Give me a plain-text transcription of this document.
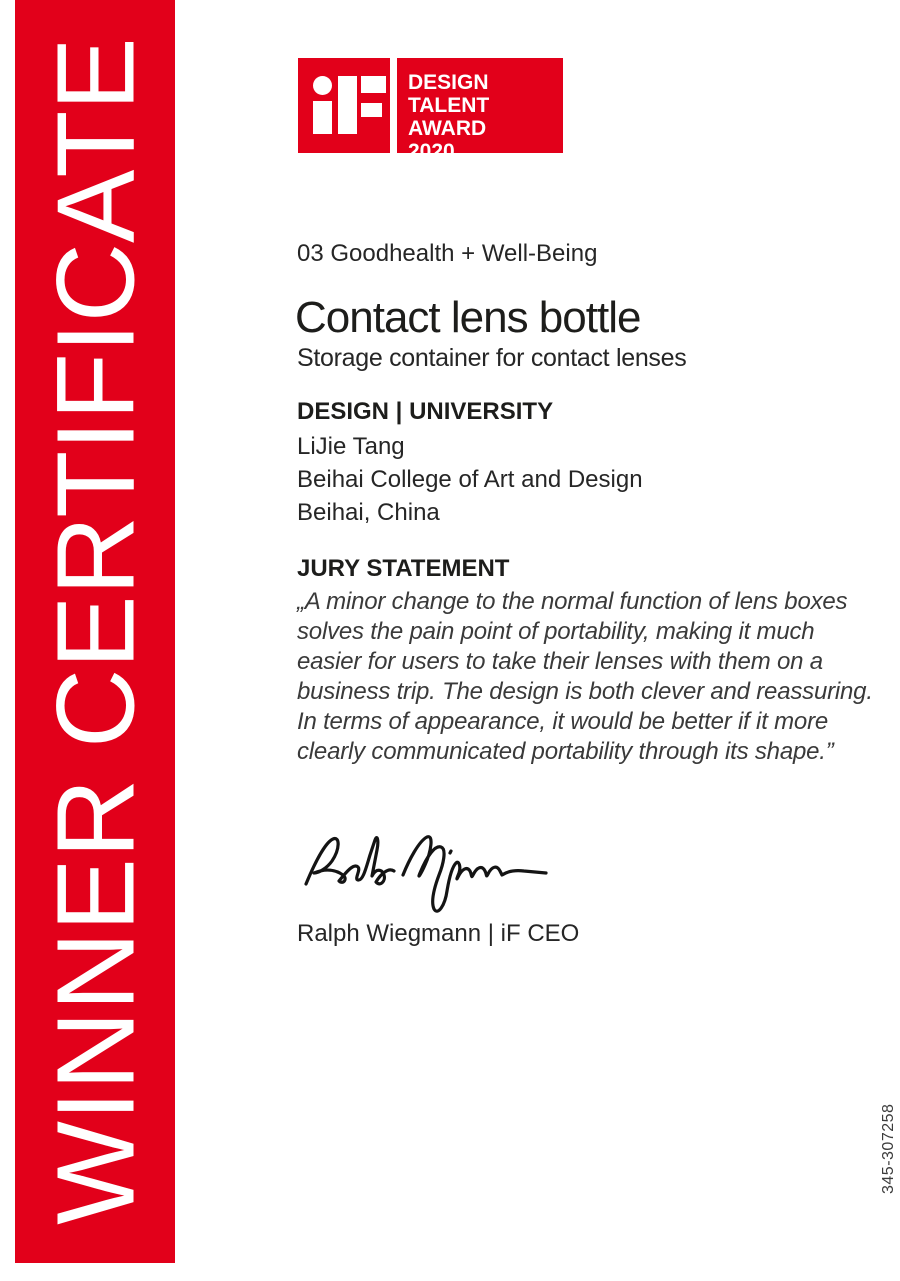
WINNER CERTIFICATE	DESIGN
TALENT AWARD
2020
03 Goodhealth + Well-Being
Contact lens bottle
Storage container for contact lenses
DESIGN | UNIVERSITY
LiJie Tang
Beihai College of Art and Design
Beihai, China
JURY STATEMENT
„A minor change to the normal function of lens boxes
solves the pain point of portability, making it much
easier for users to take their lenses with them on a
business trip. The design is both clever and reassuring.
In terms of appearance, it would be better if it more
clearly communicated portability through its shape.”
Ralph Wiegmann | iF CEO
345-307258
